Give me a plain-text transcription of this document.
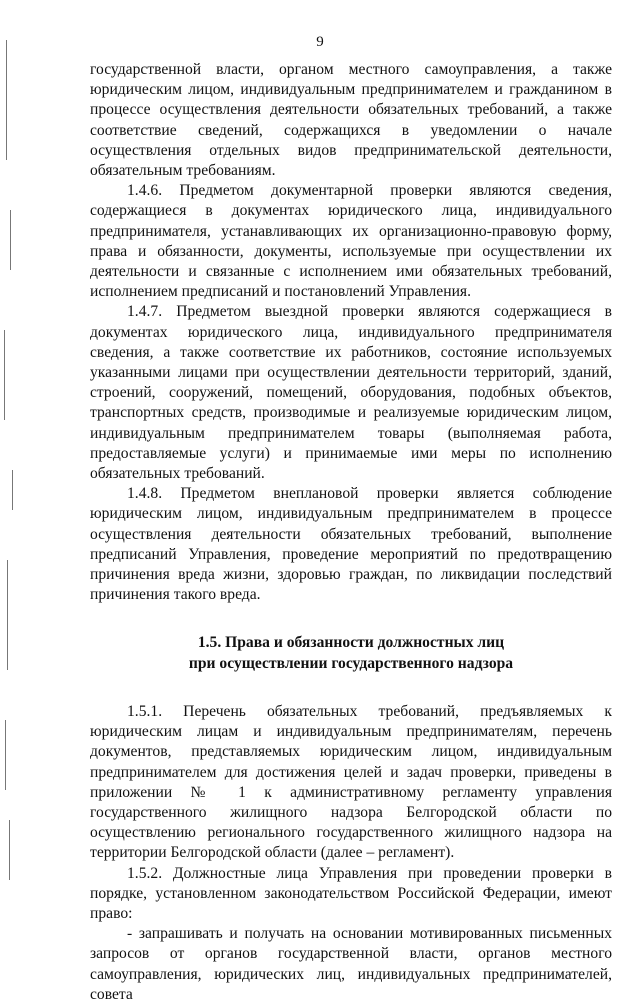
9

государственной власти, органом местного самоуправления, а также юридическим лицом, индивидуальным предпринимателем и гражданином в процессе осуществления деятельности обязательных требований, а также соответствие сведений, содержащихся в уведомлении о начале осуществления отдельных видов предпринимательской деятельности, обязательным требованиям.

1.4.6. Предметом документарной проверки являются сведения, содержащиеся в документах юридического лица, индивидуального предпринимателя, устанавливающих их организационно-правовую форму, права и обязанности, документы, используемые при осуществлении их деятельности и связанные с исполнением ими обязательных требований, исполнением предписаний и постановлений Управления.

1.4.7. Предметом выездной проверки являются содержащиеся в документах юридического лица, индивидуального предпринимателя сведения, а также соответствие их работников, состояние используемых указанными лицами при осуществлении деятельности территорий, зданий, строений, сооружений, помещений, оборудования, подобных объектов, транспортных средств, производимые и реализуемые юридическим лицом, индивидуальным предпринимателем товары (выполняемая работа, предоставляемые услуги) и принимаемые ими меры по исполнению обязательных требований.

1.4.8. Предметом внеплановой проверки является соблюдение юридическим лицом, индивидуальным предпринимателем в процессе осуществления деятельности обязательных требований, выполнение предписаний Управления, проведение мероприятий по предотвращению причинения вреда жизни, здоровью граждан, по ликвидации последствий причинения такого вреда.

1.5. Права и обязанности должностных лиц
при осуществлении государственного надзора

1.5.1. Перечень обязательных требований, предъявляемых к юридическим лицам и индивидуальным предпринимателям, перечень документов, представляемых юридическим лицом, индивидуальным предпринимателем для достижения целей и задач проверки, приведены в приложении № 1 к административному регламенту управления государственного жилищного надзора Белгородской области по осуществлению регионального государственного жилищного надзора на территории Белгородской области (далее – регламент).

1.5.2. Должностные лица Управления при проведении проверки в порядке, установленном законодательством Российской Федерации, имеют право:

- запрашивать и получать на основании мотивированных письменных запросов от органов государственной власти, органов местного самоуправления, юридических лиц, индивидуальных предпринимателей, совета
